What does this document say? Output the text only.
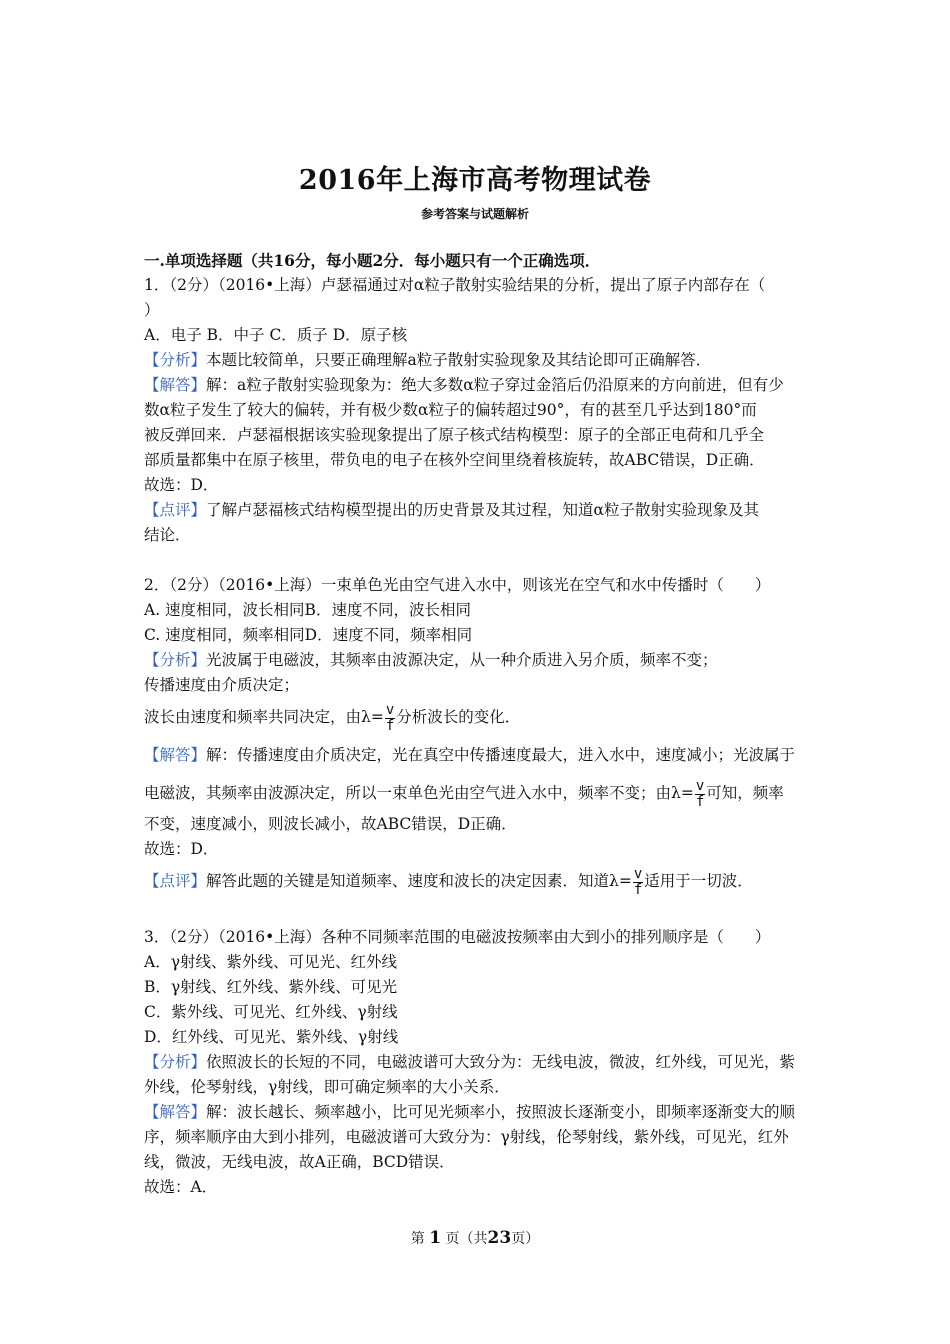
2016年上海市高考物理试卷
参考答案与试题解析
一.单项选择题（共16分，每小题2分．每小题只有一个正确选项．
1．（2分）（2016•上海）卢瑟福通过对α粒子散射实验结果的分析，提出了原子内部存在（
）
A．电子 B．中子 C．质子 D．原子核
【分析】本题比较简单，只要正确理解a粒子散射实验现象及其结论即可正确解答．
【解答】解：a粒子散射实验现象为：绝大多数α粒子穿过金箔后仍沿原来的方向前进，但有少
数α粒子发生了较大的偏转，并有极少数α粒子的偏转超过90°，有的甚至几乎达到180°而
被反弹回来．卢瑟福根据该实验现象提出了原子核式结构模型：原子的全部正电荷和几乎全
部质量都集中在原子核里，带负电的电子在核外空间里绕着核旋转，故ABC错误，D正确．
故选：D．
【点评】了解卢瑟福核式结构模型提出的历史背景及其过程，知道α粒子散射实验现象及其
结论．
2．（2分）（2016•上海）一束单色光由空气进入水中，则该光在空气和水中传播时（　　）
A. 速度相同，波长相同B．速度不同，波长相同
C. 速度相同，频率相同D．速度不同，频率相同
【分析】光波属于电磁波，其频率由波源决定，从一种介质进入另介质，频率不变；
传播速度由介质决定；
波长由速度和频率共同决定，由$\lambda= \frac{v}{f}$ 分析波长的变化．
【解答】解：传播速度由介质决定，光在真空中传播速度最大，进入水中，速度减小；光波属于
电磁波，其频率由波源决定，所以一束单色光由空气进入水中，频率不变；由$\lambda= \frac{v}{f}$ 可知，频率
不变，速度减小，则波长减小，故ABC错误，D正确．
故选：D．
【点评】解答此题的关键是知道频率、速度和波长的决定因素．知道$\lambda= \frac{v}{f}$ 适用于一切波．
3．（2分）（2016•上海）各种不同频率范围的电磁波按频率由大到小的排列顺序是（　　）
A．γ射线、紫外线、可见光、红外线
B．γ射线、红外线、紫外线、可见光
C．紫外线、可见光、红外线、γ射线
D．红外线、可见光、紫外线、γ射线
【分析】依照波长的长短的不同，电磁波谱可大致分为：无线电波，微波，红外线，可见光，紫
外线，伦琴射线，γ射线，即可确定频率的大小关系．
【解答】解：波长越长、频率越小，比可见光频率小，按照波长逐渐变小，即频率逐渐变大的顺
序，频率顺序由大到小排列，电磁波谱可大致分为：γ射线，伦琴射线，紫外线，可见光，红外
线，微波，无线电波，故A正确，BCD错误．
故选：A．
第 1 页（共23页）
